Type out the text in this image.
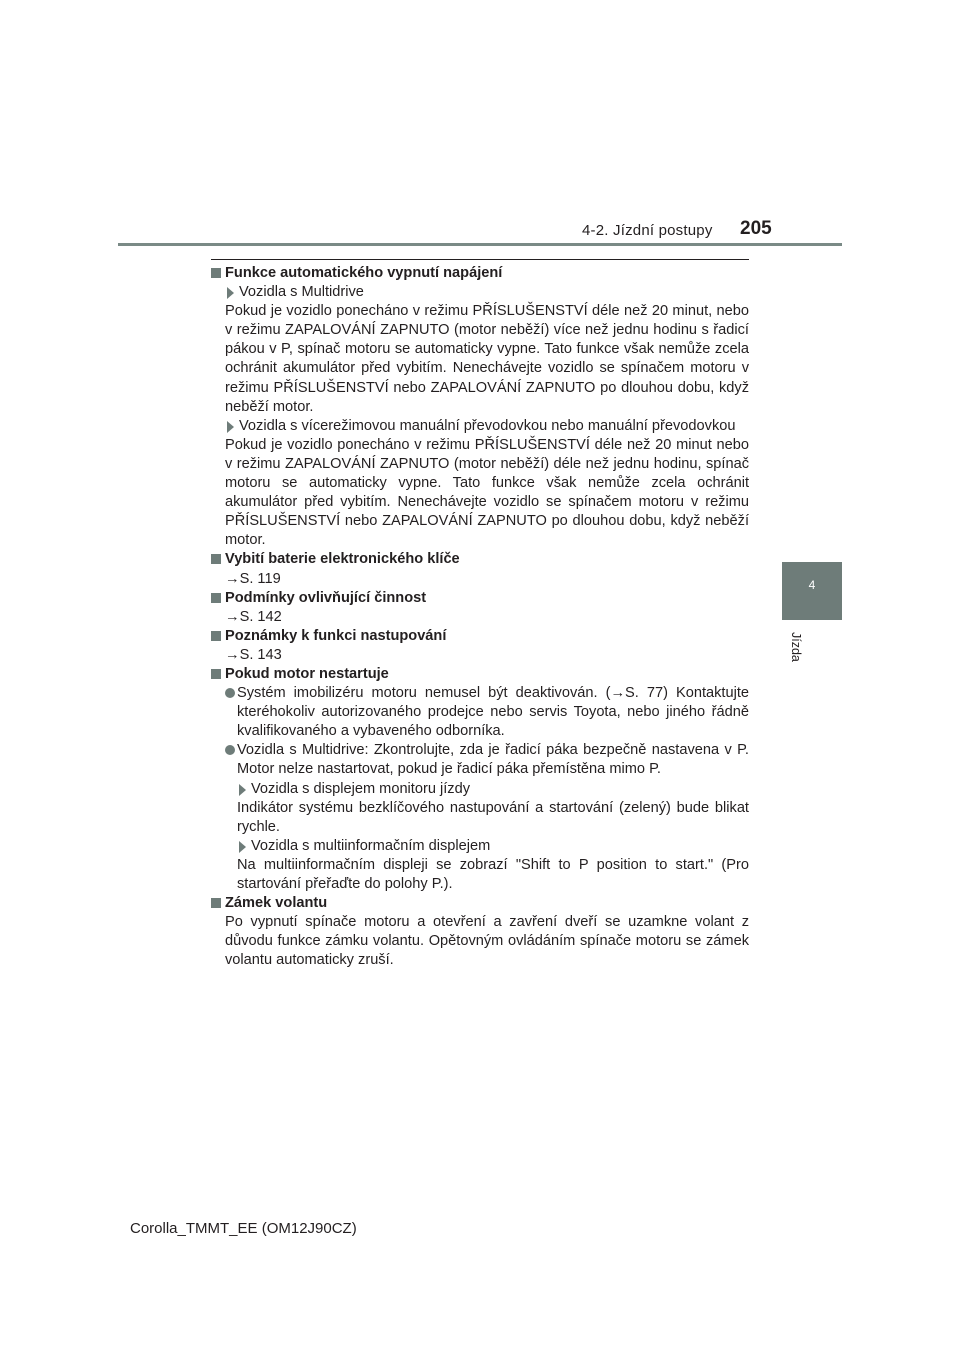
4-2. Jízdní postupy 205
4
Jízda

Funkce automatického vypnutí napájení

Vozidla s Multidrive

Pokud je vozidlo ponecháno v režimu PŘÍSLUŠENSTVÍ déle než 20 minut, nebo v režimu ZAPALOVÁNÍ ZAPNUTO (motor neběží) více než jednu hodinu s řadicí pákou v P, spínač motoru se automaticky vypne. Tato funkce však nemůže zcela ochránit akumulátor před vybitím. Nenechávejte vozidlo se spínačem motoru v režimu PŘÍSLUŠENSTVÍ nebo ZAPALOVÁNÍ ZAPNUTO po dlouhou dobu, když neběží motor.

Vozidla s vícerežimovou manuální převodovkou nebo manuální převodovkou

Pokud je vozidlo ponecháno v režimu PŘÍSLUŠENSTVÍ déle než 20 minut nebo v režimu ZAPALOVÁNÍ ZAPNUTO (motor neběží) déle než jednu hodinu, spínač motoru se automaticky vypne. Tato funkce však nemůže zcela ochránit akumulátor před vybitím. Nenechávejte vozidlo se spínačem motoru v režimu PŘÍSLUŠENSTVÍ nebo ZAPALOVÁNÍ ZAPNUTO po dlouhou dobu, když neběží motor.

Vybití baterie elektronického klíče

→S. 119

Podmínky ovlivňující činnost

→S. 142

Poznámky k funkci nastupování

→S. 143

Pokud motor nestartuje

Systém imobilizéru motoru nemusel být deaktivován. (→S. 77) Kontaktujte kteréhokoliv autorizovaného prodejce nebo servis Toyota, nebo jiného řádně kvalifikovaného a vybaveného odborníka.

Vozidla s Multidrive: Zkontrolujte, zda je řadicí páka bezpečně nastavena v P. Motor nelze nastartovat, pokud je řadicí páka přemístěna mimo P.

Vozidla s displejem monitoru jízdy

Indikátor systému bezklíčového nastupování a startování (zelený) bude blikat rychle.

Vozidla s multiinformačním displejem

Na multiinformačním displeji se zobrazí "Shift to P position to start." (Pro startování přeřaďte do polohy P.).

Zámek volantu

Po vypnutí spínače motoru a otevření a zavření dveří se uzamkne volant z důvodu funkce zámku volantu. Opětovným ovládáním spínače motoru se zámek volantu automaticky zruší.

Corolla_TMMT_EE (OM12J90CZ)
